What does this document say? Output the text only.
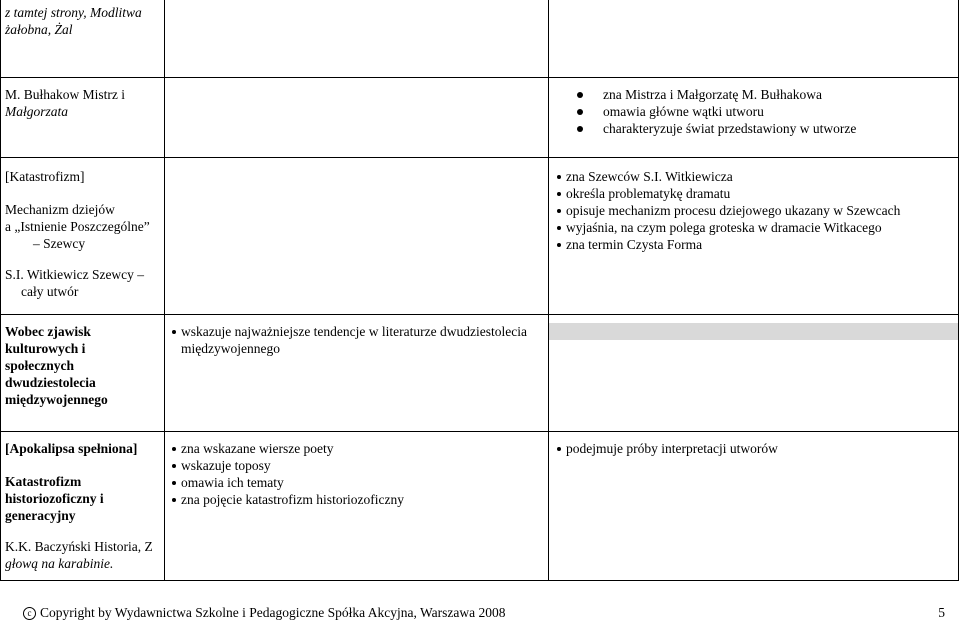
z tamtej strony, Modlitwa

żałobna, Żal

M. Bułhakow Mistrz i

Małgorzata

zna Mistrza i Małgorzatę M. Bułhakowa
omawia główne wątki utworu
charakteryzuje świat przedstawiony w utworze

[Katastrofizm]

Mechanizm dziejów

a „Istnienie Poszczególne”

– Szewcy

zna Szewców S.I. Witkiewicza
określa problematykę dramatu
opisuje mechanizm procesu dziejowego ukazany w Szewcach
wyjaśnia, na czym polega groteska w dramacie Witkacego
zna termin Czysta Forma

S.I. Witkiewicz Szewcy –

cały utwór

Wobec zjawisk

kulturowych i

społecznych

dwudziestolecia

międzywojennego

wskazuje najważniejsze tendencje w literaturze dwudziestolecia międzywojennego

[Apokalipsa spełniona]

Katastrofizm

historiozoficzny i

generacyjny

zna wskazane wiersze poety
wskazuje toposy
omawia ich tematy
zna pojęcie katastrofizm historiozoficzny
podejmuje próby interpretacji utworów

K.K. Baczyński Historia, Z

głową na karabinie.

c Copyright by Wydawnictwa Szkolne i Pedagogiczne Spółka Akcyjna, Warszawa 2008	5
